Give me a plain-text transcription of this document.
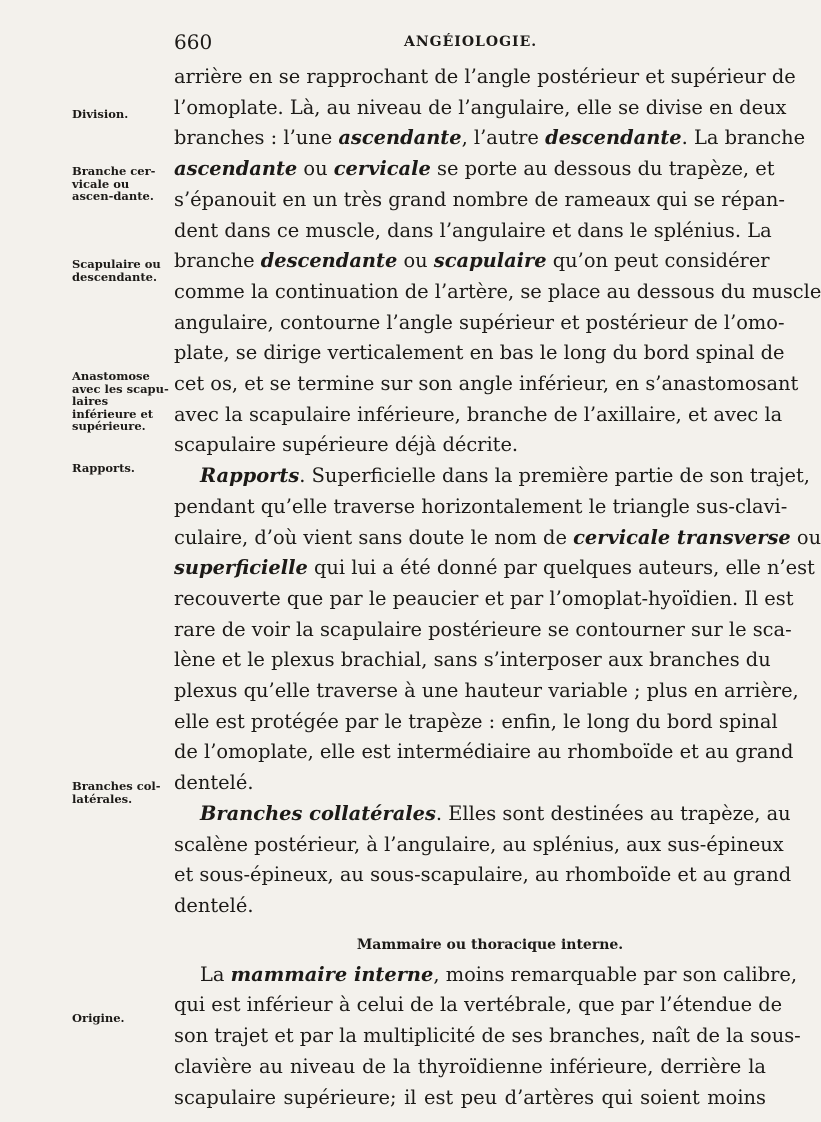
660	ANGÉIOLOGIE.
Division.
Branche cer-vicale ou ascen-dante.
Scapulaire ou descendante.
Anastomose avec les scapu-laires inférieure et supérieure.
Rapports.
Branches col-latérales.
Origine.

arrière en se rapprochant de l’angle postérieur et supérieur de
l’omoplate. Là, au niveau de l’angulaire, elle se divise en deux
branches : l’une ascendante, l’autre descendante. La branche
ascendante ou cervicale se porte au dessous du trapèze, et
s’épanouit en un très grand nombre de rameaux qui se répan-
dent dans ce muscle, dans l’angulaire et dans le splénius. La
branche descendante ou scapulaire qu’on peut considérer
comme la continuation de l’artère, se place au dessous du muscle
angulaire, contourne l’angle supérieur et postérieur de l’omo-
plate, se dirige verticalement en bas le long du bord spinal de
cet os, et se termine sur son angle inférieur, en s’anastomosant
avec la scapulaire inférieure, branche de l’axillaire, et avec la
scapulaire supérieure déjà décrite.

Rapports. Superficielle dans la première partie de son trajet,
pendant qu’elle traverse horizontalement le triangle sus-clavi-
culaire, d’où vient sans doute le nom de cervicale transverse ou
superficielle qui lui a été donné par quelques auteurs, elle n’est
recouverte que par le peaucier et par l’omoplat-hyoïdien. Il est
rare de voir la scapulaire postérieure se contourner sur le sca-
lène et le plexus brachial, sans s’interposer aux branches du
plexus qu’elle traverse à une hauteur variable ; plus en arrière,
elle est protégée par le trapèze : enfin, le long du bord spinal
de l’omoplate, elle est intermédiaire au rhomboïde et au grand
dentelé.

Branches collatérales. Elles sont destinées au trapèze, au
scalène postérieur, à l’angulaire, au splénius, aux sus-épineux
et sous-épineux, au sous-scapulaire, au rhomboïde et au grand
dentelé.

Mammaire ou thoracique interne.

La mammaire interne, moins remarquable par son calibre,
qui est inférieur à celui de la vertébrale, que par l’étendue de
son trajet et par la multiplicité de ses branches, naît de la sous-
clavière au niveau de la thyroïdienne inférieure, derrière la
scapulaire supérieure; il est peu d’artères qui soient moins
